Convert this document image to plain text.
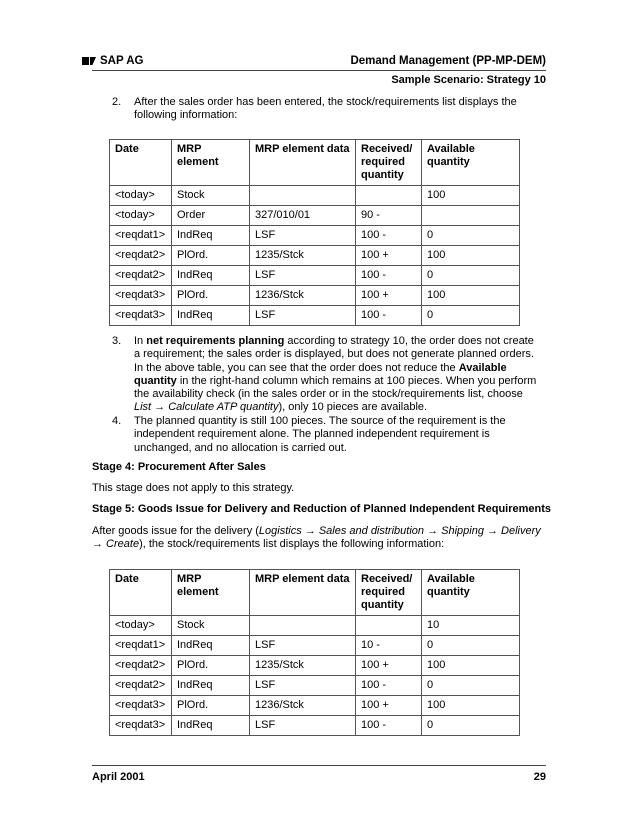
SAP AG	Demand Management (PP-MP-DEM)
Sample Scenario: Strategy 10
2. After the sales order has been entered, the stock/requirements list displays the following information:
Date	MRP element	MRP element data	Received/ required quantity	Available quantity
<today>	Stock			100
<today>	Order	327/010/01	90 -	
<reqdat1>	IndReq	LSF	100 -	0
<reqdat2>	PlOrd.	1235/Stck	100 +	100
<reqdat2>	IndReq	LSF	100 -	0
<reqdat3>	PlOrd.	1236/Stck	100 +	100
<reqdat3>	IndReq	LSF	100 -	0
3. In net requirements planning according to strategy 10, the order does not create a requirement; the sales order is displayed, but does not generate planned orders. In the above table, you can see that the order does not reduce the Available quantity in the right-hand column which remains at 100 pieces. When you perform the availability check (in the sales order or in the stock/requirements list, choose List → Calculate ATP quantity), only 10 pieces are available.
4. The planned quantity is still 100 pieces. The source of the requirement is the independent requirement alone. The planned independent requirement is unchanged, and no allocation is carried out.
Stage 4: Procurement After Sales
This stage does not apply to this strategy.
Stage 5: Goods Issue for Delivery and Reduction of Planned Independent Requirements
After goods issue for the delivery (Logistics → Sales and distribution → Shipping → Delivery → Create), the stock/requirements list displays the following information:
Date	MRP element	MRP element data	Received/ required quantity	Available quantity
<today>	Stock			10
<reqdat1>	IndReq	LSF	10 -	0
<reqdat2>	PlOrd.	1235/Stck	100 +	100
<reqdat2>	IndReq	LSF	100 -	0
<reqdat3>	PlOrd.	1236/Stck	100 +	100
<reqdat3>	IndReq	LSF	100 -	0
April 2001	29
